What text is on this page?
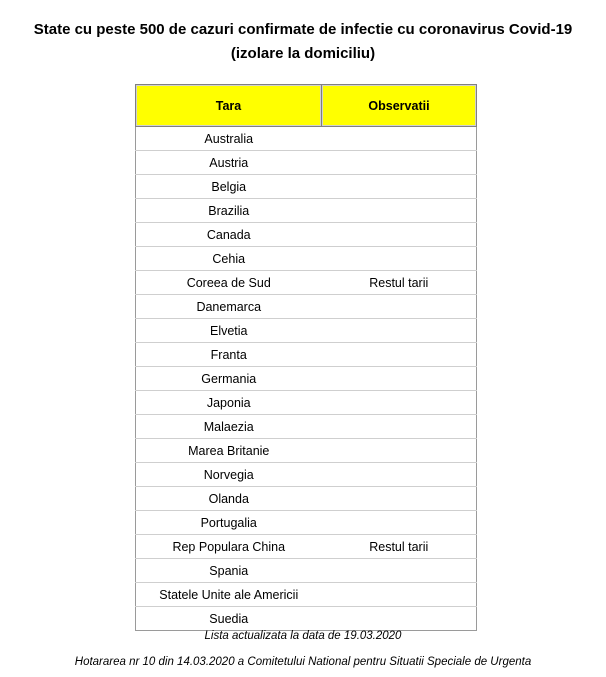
State cu peste 500 de cazuri confirmate de infectie cu coronavirus Covid-19
(izolare la domiciliu)
Tara	Observatii
Australia	
Austria	
Belgia	
Brazilia	
Canada	
Cehia	
Coreea de Sud	Restul tarii
Danemarca	
Elvetia	
Franta	
Germania	
Japonia	
Malaezia	
Marea Britanie	
Norvegia	
Olanda	
Portugalia	
Rep Populara China	Restul tarii
Spania	
Statele Unite ale Americii	
Suedia	
Lista actualizata la data de 19.03.2020
Hotararea nr 10 din 14.03.2020 a Comitetului National pentru Situatii Speciale de Urgenta
